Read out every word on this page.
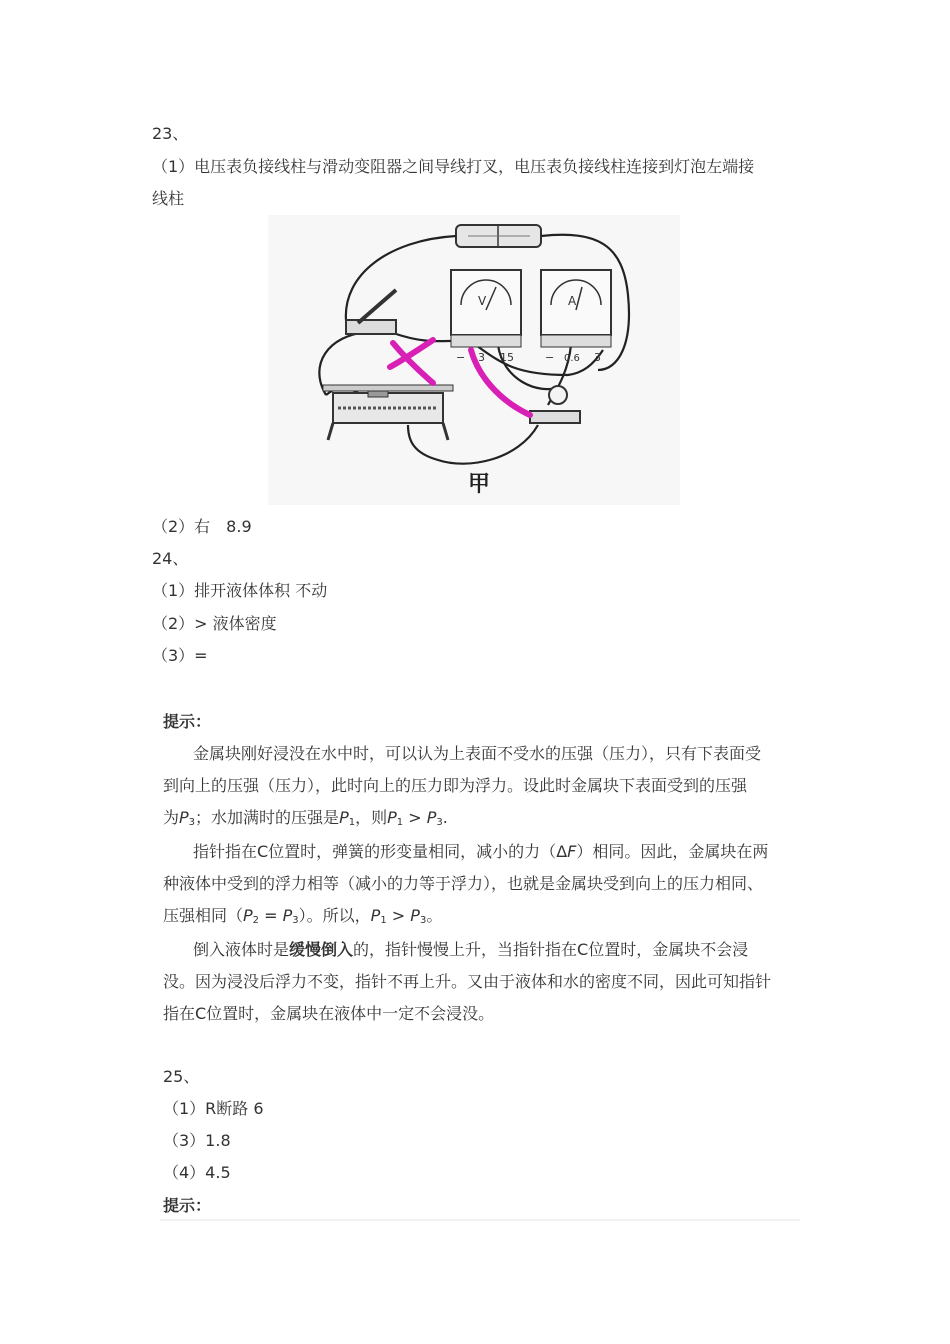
23、
（1）电压表负接线柱与滑动变阻器之间导线打叉，电压表负接线柱连接到灯泡左端接
线柱
V
− 3 15
A
− 0.6 3
甲
（2）右　8.9
24、
（1）排开液体体积 不动
（2）> 液体密度
（3）=
提示：
金属块刚好浸没在水中时，可以认为上表面不受水的压强（压力），只有下表面受
到向上的压强（压力），此时向上的压力即为浮力。设此时金属块下表面受到的压强
为$P_3$；水加满时的压强是$P_1$，则$P_1 > P_3$.
指针指在C位置时，弹簧的形变量相同，减小的力（ΔF）相同。因此，金属块在两
种液体中受到的浮力相等（减小的力等于浮力），也就是金属块受到向上的压力相同、
压强相同$(P_2 = P_3)$。所以，$P_1 > P_3$。
倒入液体时是缓慢倒入的，指针慢慢上升，当指针指在C位置时，金属块不会浸
没。因为浸没后浮力不变，指针不再上升。又由于液体和水的密度不同，因此可知指针
指在C位置时，金属块在液体中一定不会浸没。
25、
（1）R断路 6
（3）1.8
（4）4.5
提示：
